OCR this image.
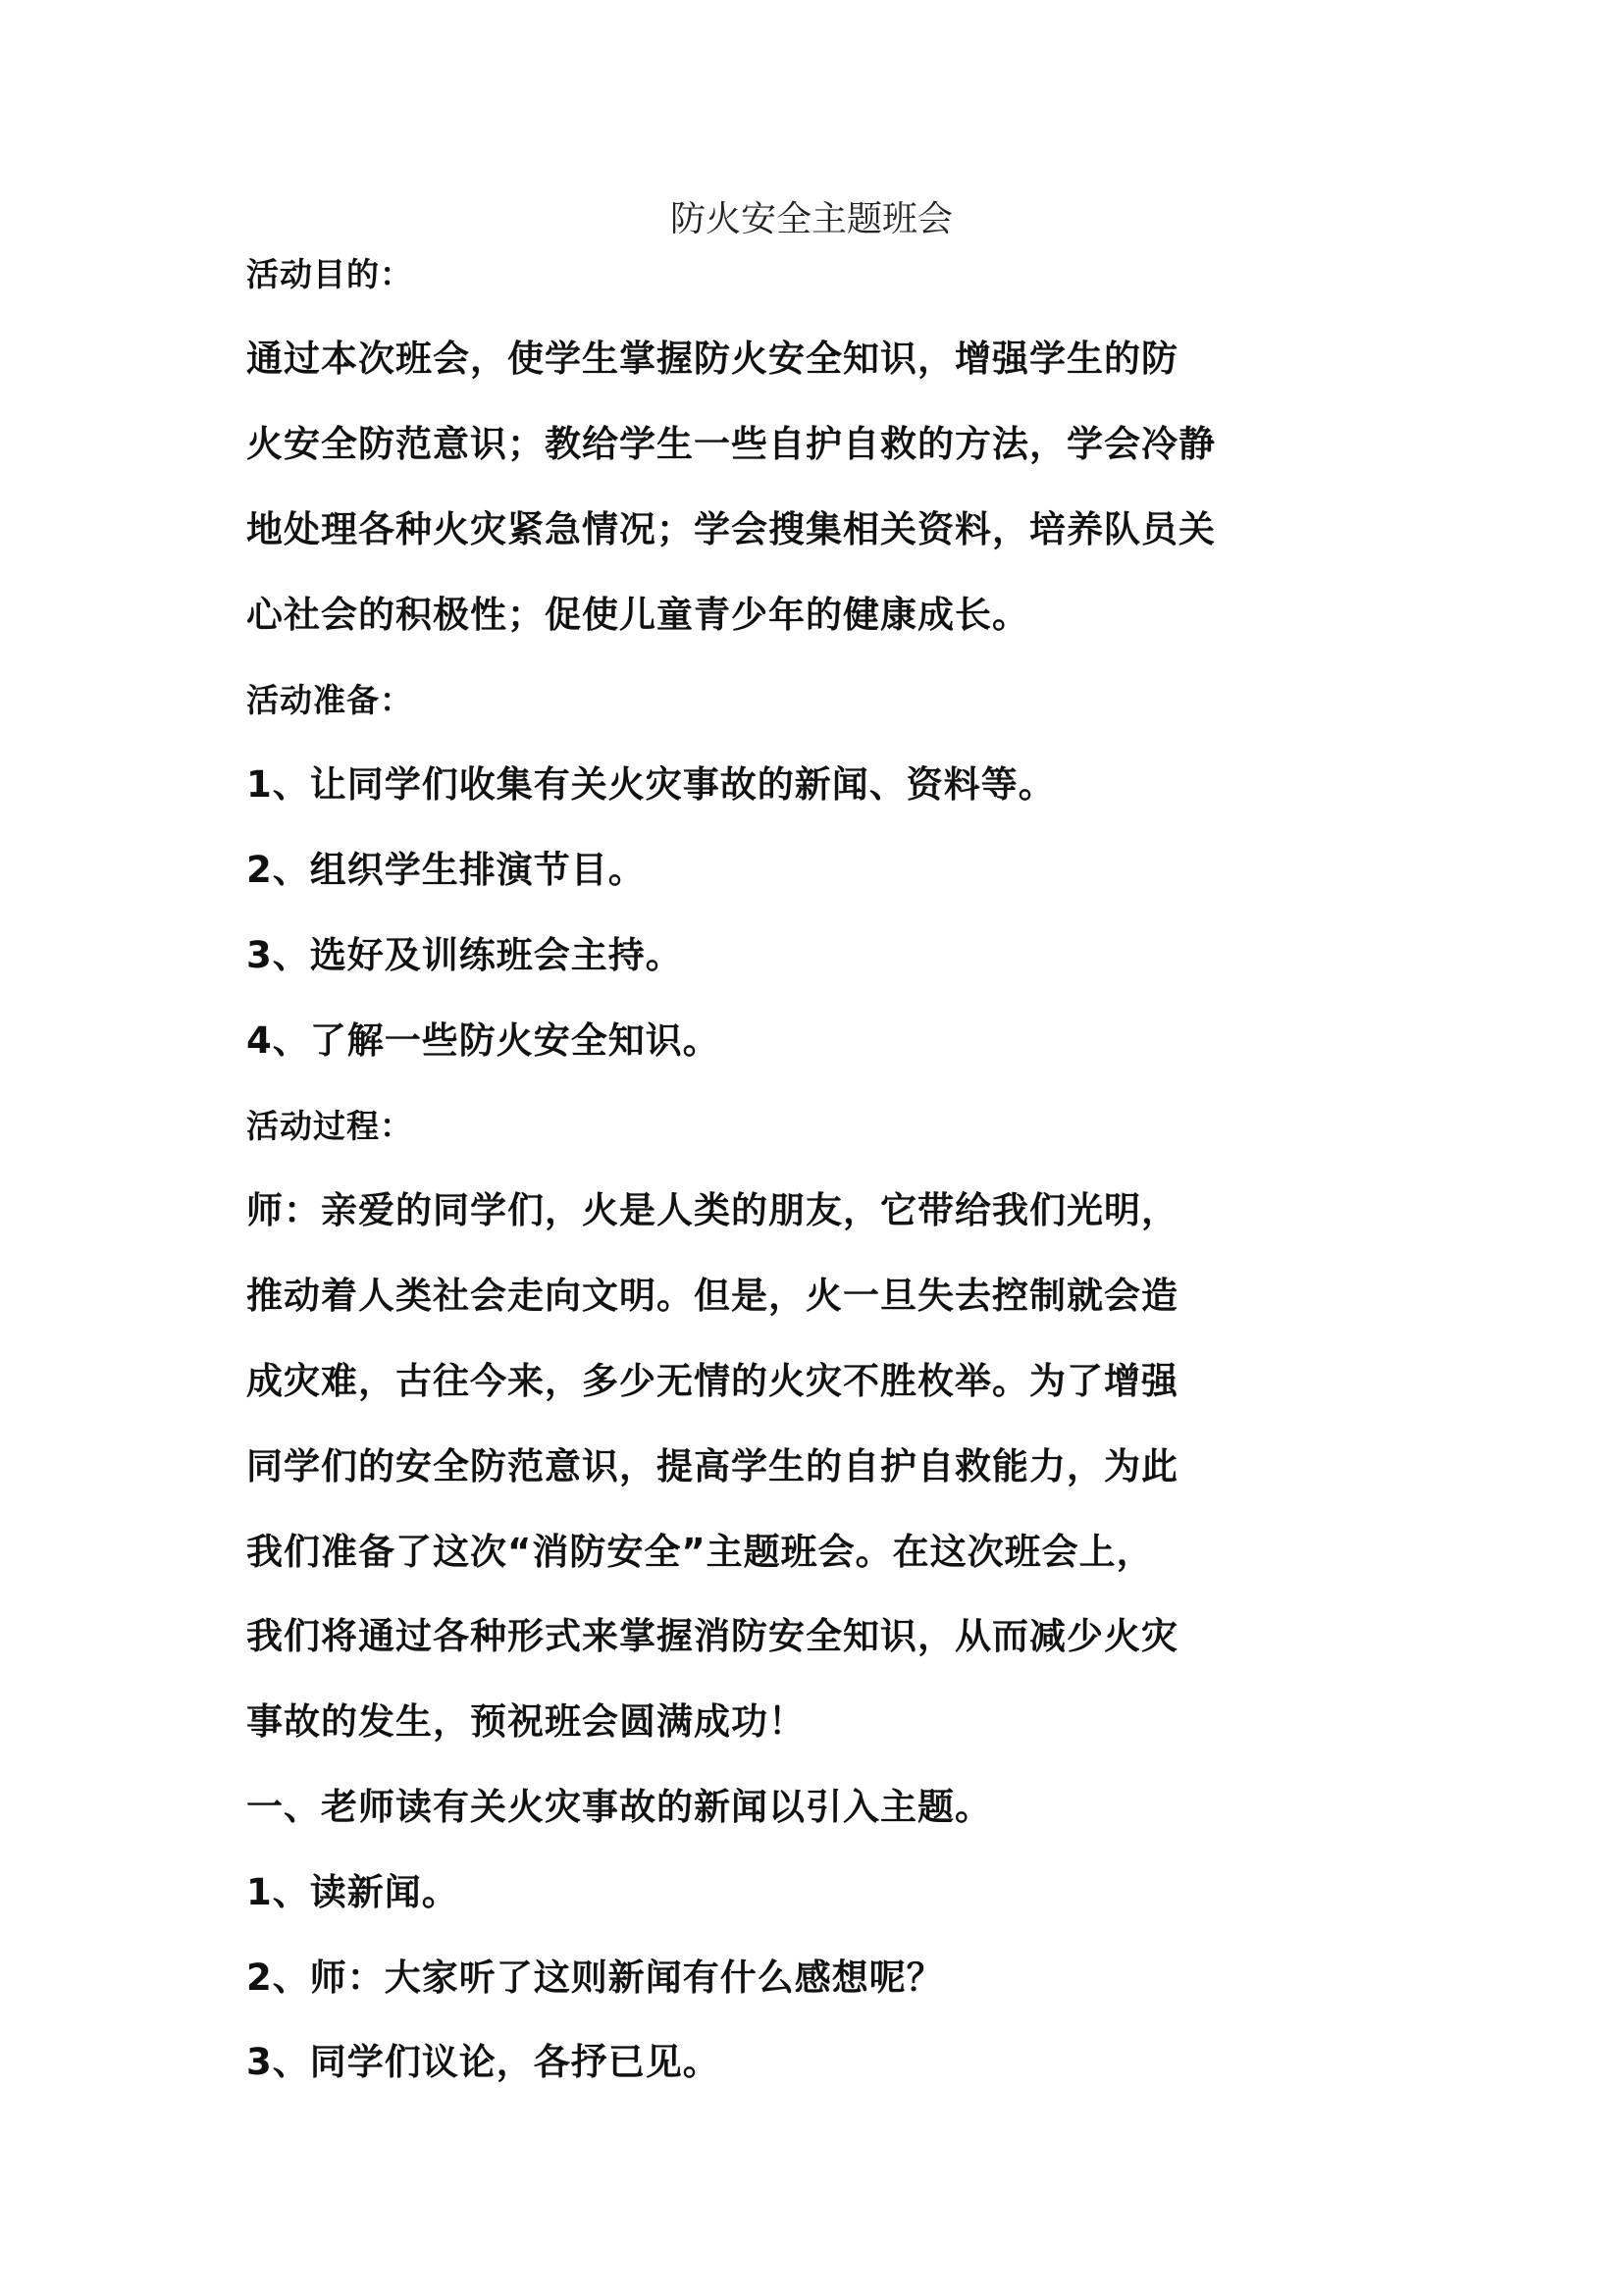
防火安全主题班会

活动目的：

通过本次班会，使学生掌握防火安全知识，增强学生的防

火安全防范意识；教给学生一些自护自救的方法，学会冷静

地处理各种火灾紧急情况；学会搜集相关资料，培养队员关

心社会的积极性；促使儿童青少年的健康成长。

活动准备：

1、让同学们收集有关火灾事故的新闻、资料等。

2、组织学生排演节目。

3、选好及训练班会主持。

4、了解一些防火安全知识。

活动过程：

师：亲爱的同学们，火是人类的朋友，它带给我们光明，

推动着人类社会走向文明。但是，火一旦失去控制就会造

成灾难，古往今来，多少无情的火灾不胜枚举。为了增强

同学们的安全防范意识，提高学生的自护自救能力，为此

我们准备了这次“消防安全”主题班会。在这次班会上，

我们将通过各种形式来掌握消防安全知识，从而减少火灾

事故的发生，预祝班会圆满成功！

一、老师读有关火灾事故的新闻以引入主题。

1、读新闻。

2、师：大家听了这则新闻有什么感想呢？

3、同学们议论，各抒已见。
